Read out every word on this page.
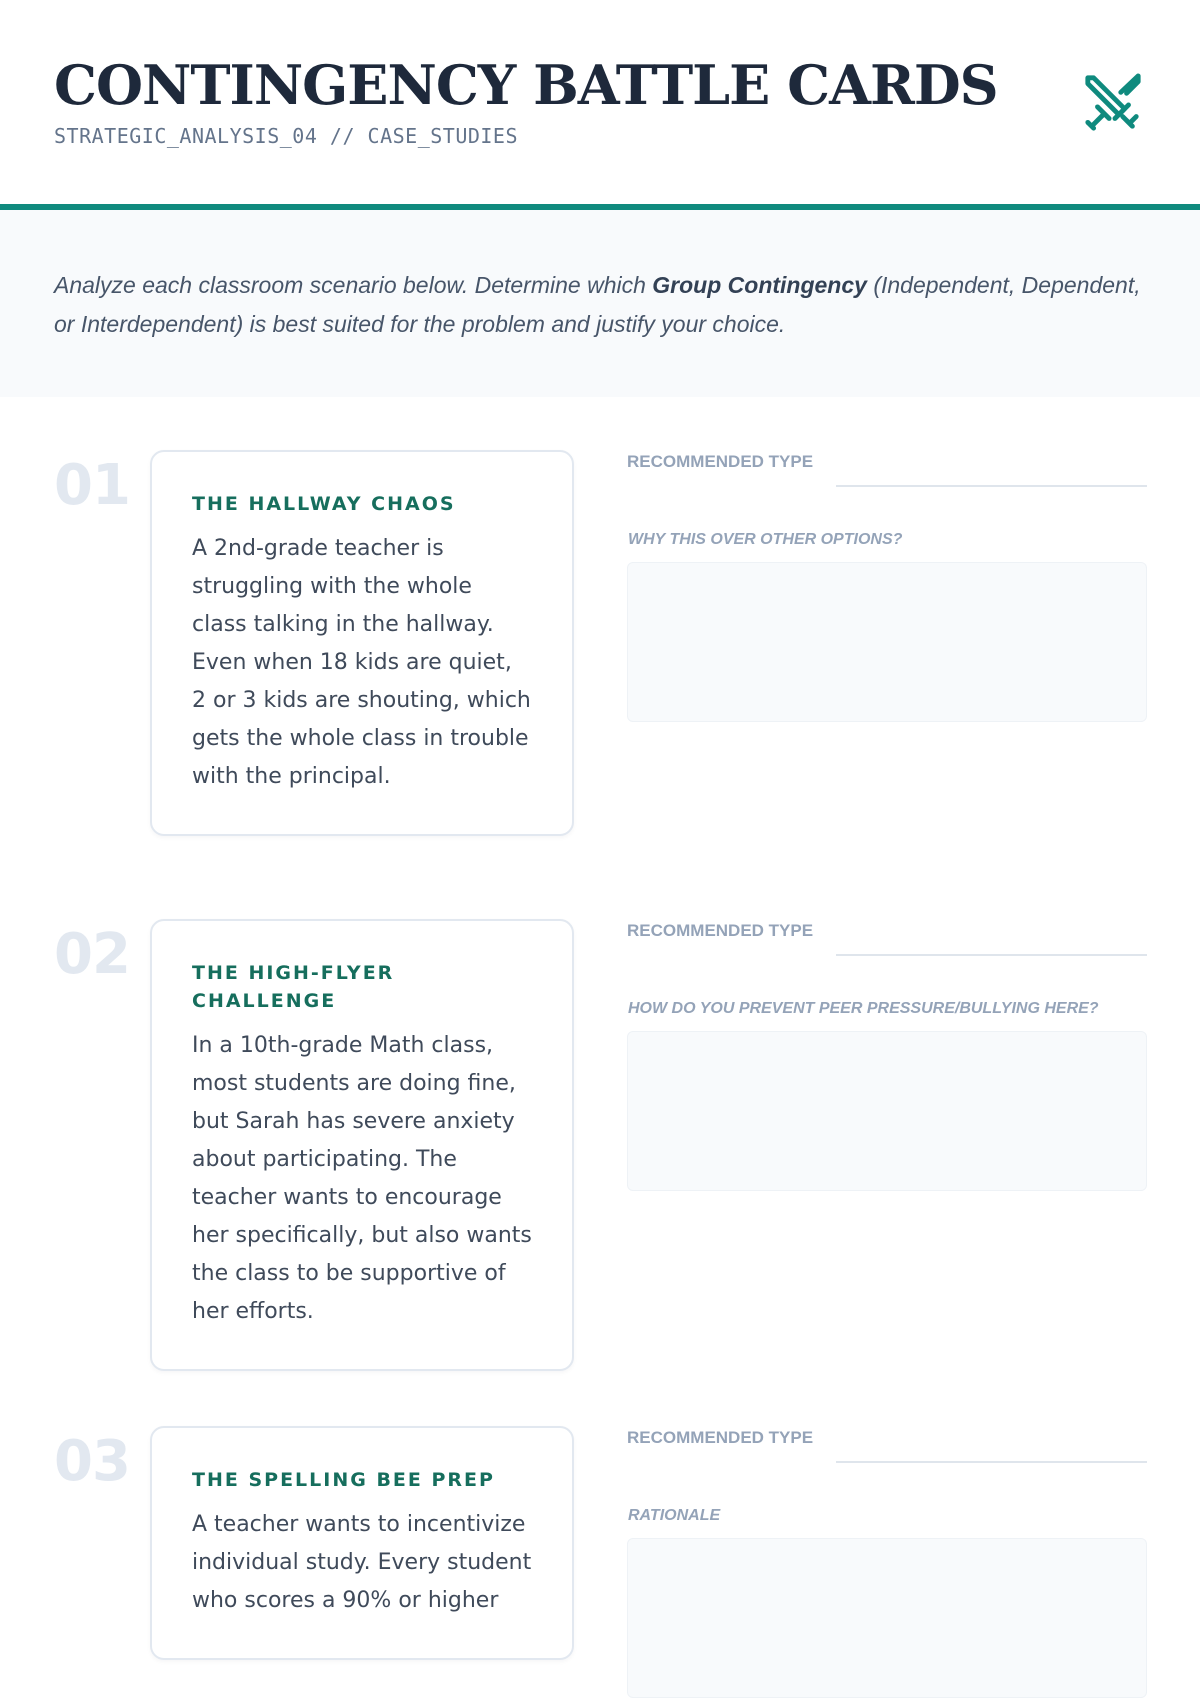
CONTINGENCY BATTLE CARDS
STRATEGIC_ANALYSIS_04 // CASE_STUDIES

Analyze each classroom scenario below. Determine which Group Contingency (Independent, Dependent, or Interdependent) is best suited for the problem and justify your choice.

01	THE HALLWAY CHAOS

A 2nd-grade teacher is struggling with the whole class talking in the hallway. Even when 18 kids are quiet, 2 or 3 kids are shouting, which gets the whole class in trouble with the principal.

RECOMMENDED TYPE
WHY THIS OVER OTHER OPTIONS?
02	THE HIGH-FLYER CHALLENGE

In a 10th-grade Math class, most students are doing fine, but Sarah has severe anxiety about participating. The teacher wants to encourage her specifically, but also wants the class to be supportive of her efforts.

RECOMMENDED TYPE
HOW DO YOU PREVENT PEER PRESSURE/BULLYING HERE?
03	THE SPELLING BEE PREP

A teacher wants to incentivize individual study. Every student who scores a 90% or higher

RECOMMENDED TYPE
RATIONALE
